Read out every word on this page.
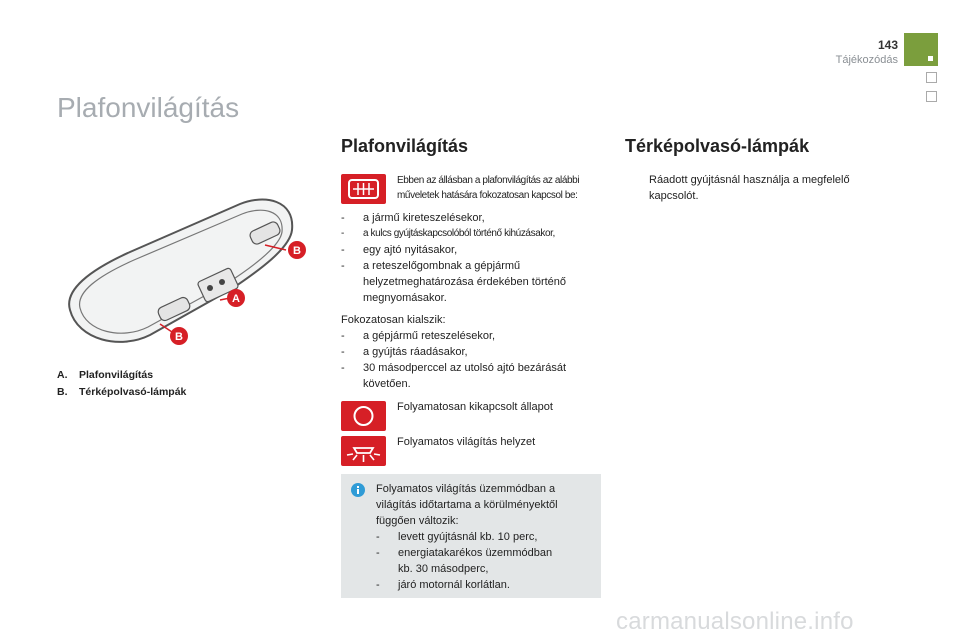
143
Tájékozódás
Plafonvilágítás
B
A
B
A. Plafonvilágítás
B. Térképolvasó-lámpák
Plafonvilágítás
Ebben az állásban a plafonvilágítás az alábbi
műveletek hatására fokozatosan kapcsol be:
- a jármű kireteszelésekor,
- a kulcs gyújtáskapcsolóból történő kihúzásakor,
- egy ajtó nyitásakor,
- a reteszelőgombnak a gépjármű
helyzetmeghatározása érdekében történő
megnyomásakor.
Fokozatosan kialszik:
- a gépjármű reteszelésekor,
- a gyújtás ráadásakor,
- 30 másodperccel az utolsó ajtó bezárását
követően.
Folyamatosan kikapcsolt állapot
Folyamatos világítás helyzet
Folyamatos világítás üzemmódban a
világítás időtartama a körülményektől
függően változik:
- levett gyújtásnál kb. 10 perc,
- energiatakarékos üzemmódban
kb. 30 másodperc,
- járó motornál korlátlan.
Térképolvasó-lámpák
Ráadott gyújtásnál használja a megfelelő
kapcsolót.
carmanualsonline.info
